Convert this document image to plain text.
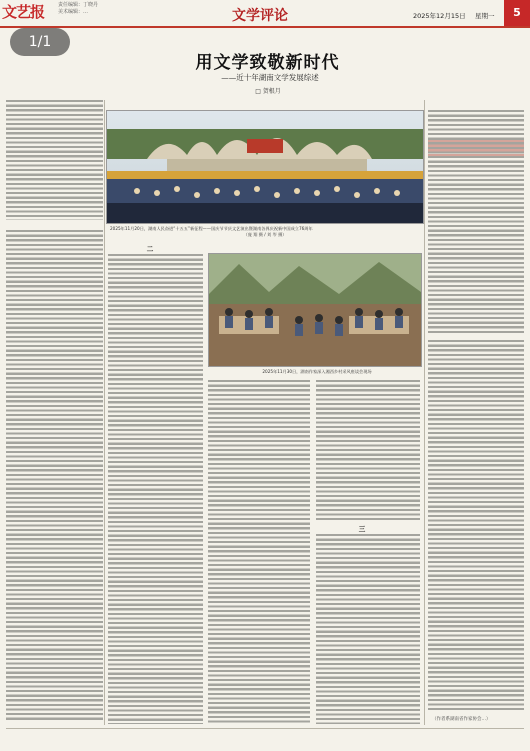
文艺报	责任编辑：丁晓丹
美术编辑：…	文学评论	2025年12月15日 星期一	5
1/1
用文学致敬新时代
——近十年湖南文学发展综述
□ 贺根月
2025年11月20日，湖南人民奋进“十五五”新征程——国庆节节庆文艺演出暨湖南各界庆祝新中国成立76周年
（庞 翔 摄 / 刘 岑 摄）
二
2025年11月30日，湖南作家深入湘西乡村采风座谈会现场
三
（作者系湖南省作家协会…）
